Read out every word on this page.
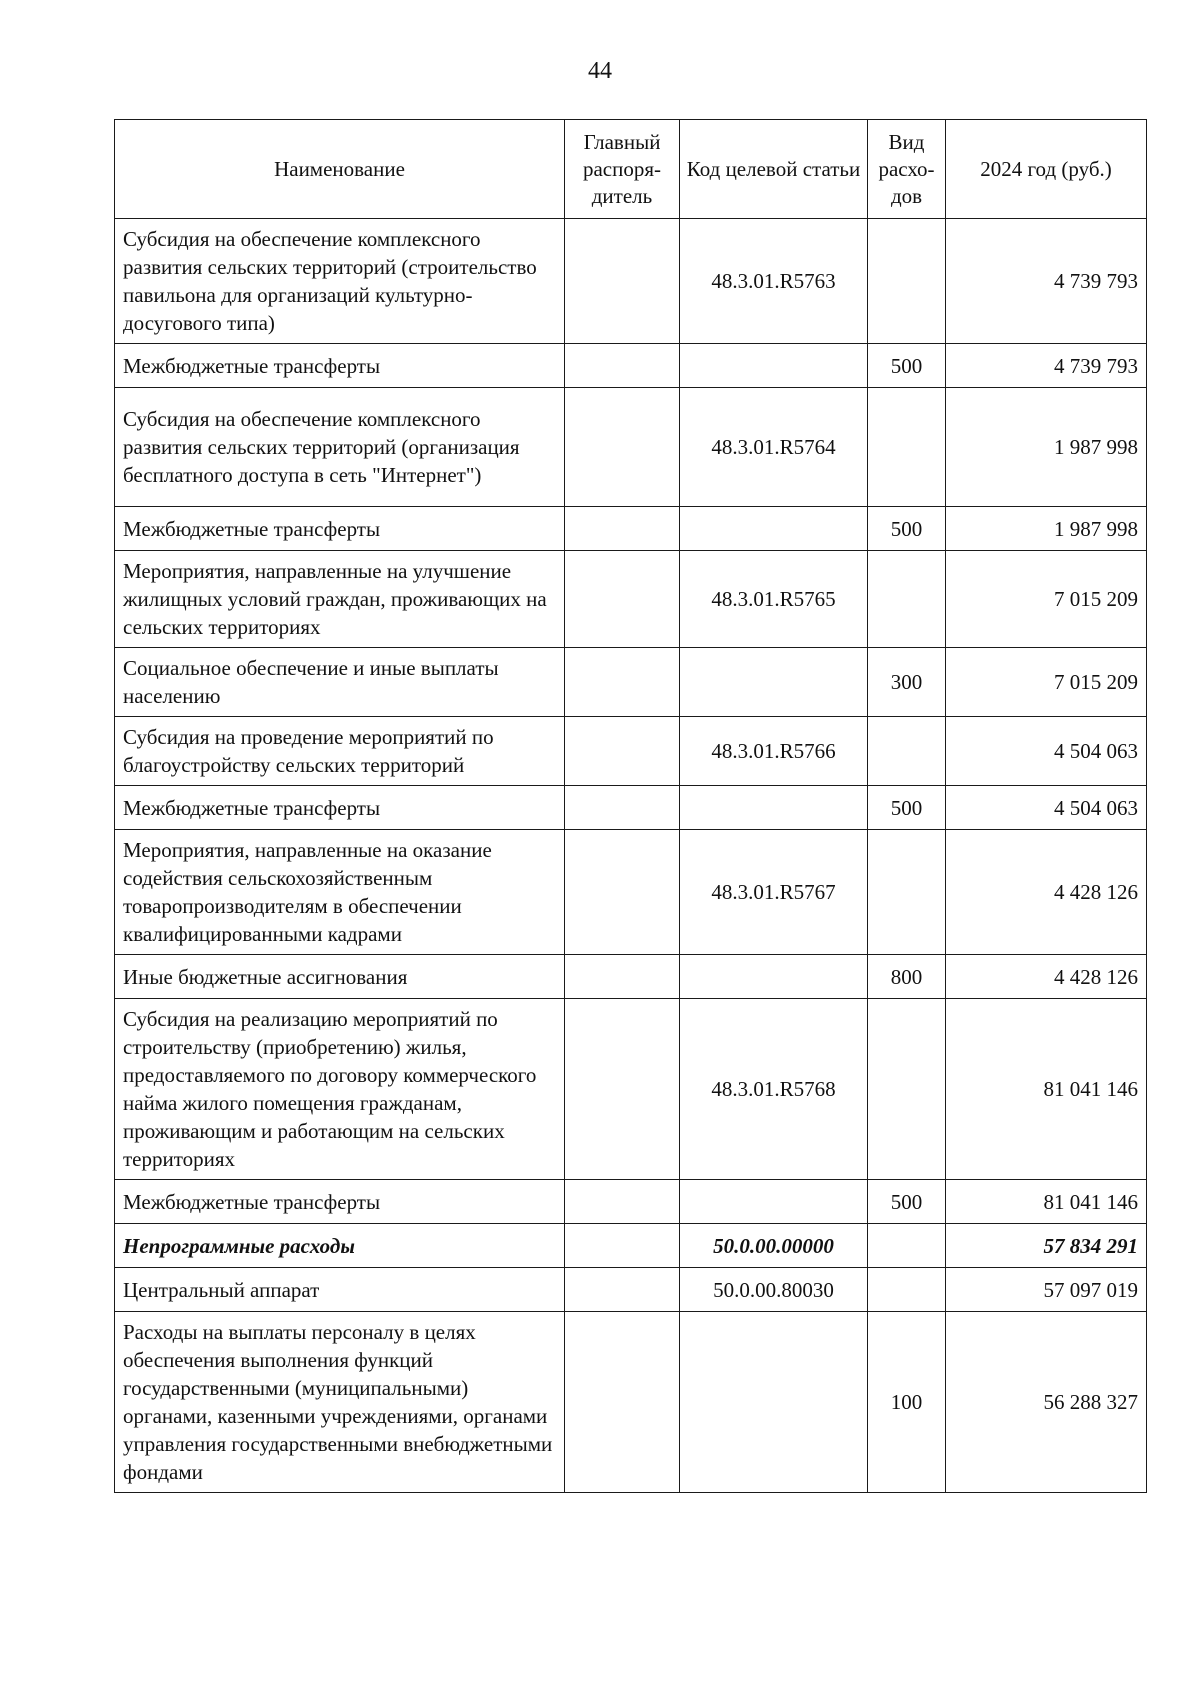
44
Наименование	Главный распоря-дитель	Код целевой статьи	Вид расхо-дов	2024 год (руб.)
Субсидия на обеспечение комплексного развития сельских территорий (строительство павильона для организаций культурно-досугового типа)		48.3.01.R5763		4 739 793
Межбюджетные трансферты			500	4 739 793
Субсидия на обеспечение комплексного развития сельских территорий (организация бесплатного доступа в сеть "Интернет")		48.3.01.R5764		1 987 998
Межбюджетные трансферты			500	1 987 998
Мероприятия, направленные на улучшение жилищных условий граждан, проживающих на сельских территориях		48.3.01.R5765		7 015 209
Социальное обеспечение и иные выплаты населению			300	7 015 209
Субсидия на проведение мероприятий по благоустройству сельских территорий		48.3.01.R5766		4 504 063
Межбюджетные трансферты			500	4 504 063
Мероприятия, направленные на оказание содействия сельскохозяйственным товаропроизводителям в обеспечении квалифицированными кадрами		48.3.01.R5767		4 428 126
Иные бюджетные ассигнования			800	4 428 126
Субсидия на реализацию мероприятий по строительству (приобретению) жилья, предоставляемого по договору коммерческого найма жилого помещения гражданам, проживающим и работающим на сельских территориях		48.3.01.R5768		81 041 146
Межбюджетные трансферты			500	81 041 146
Непрограммные расходы		50.0.00.00000		57 834 291
Центральный аппарат		50.0.00.80030		57 097 019
Расходы на выплаты персоналу в целях обеспечения выполнения функций государственными (муниципальными) органами, казенными учреждениями, органами управления государственными внебюджетными фондами			100	56 288 327
